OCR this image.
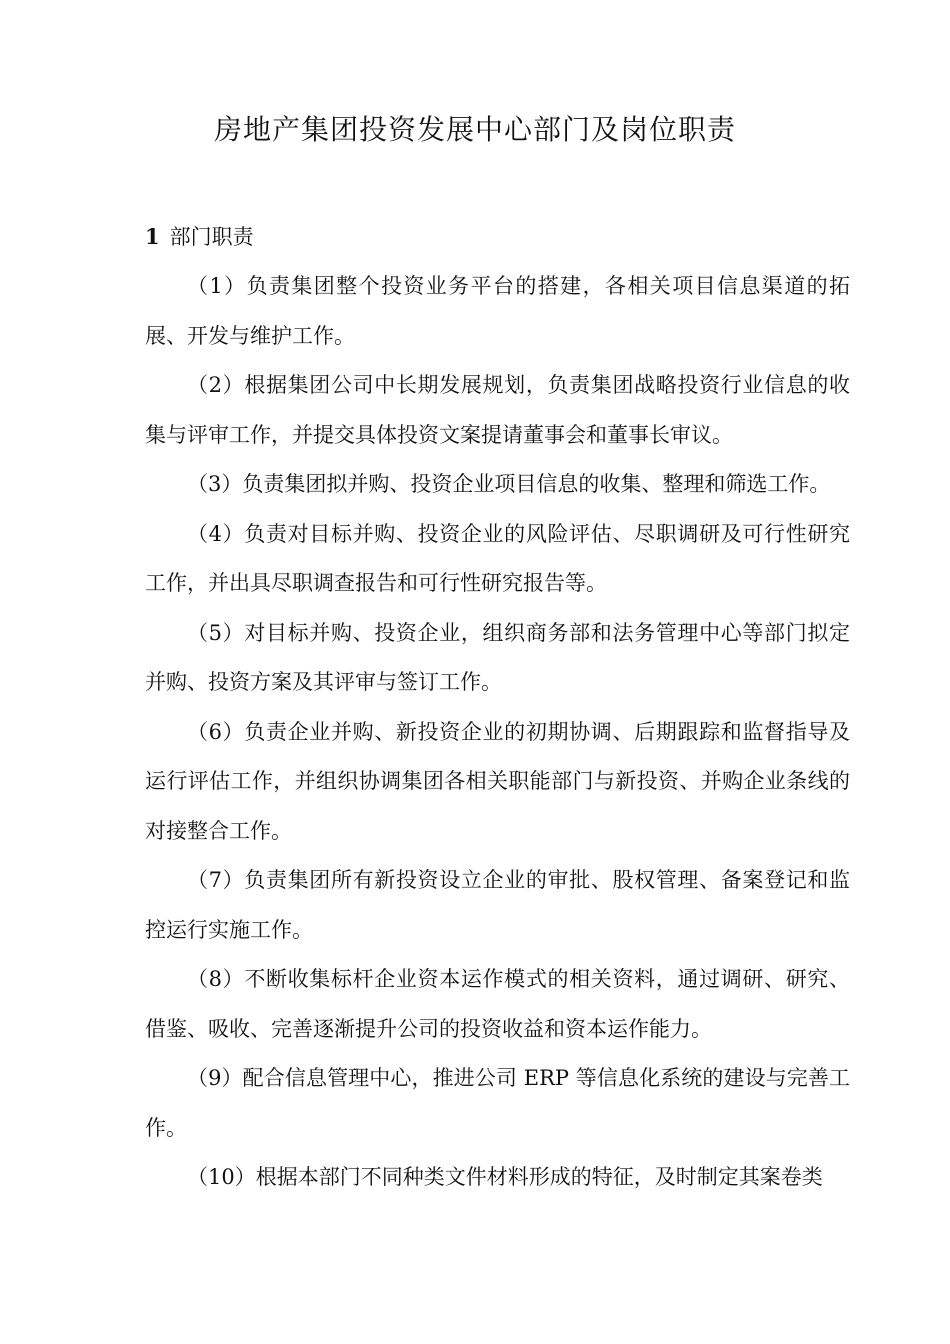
房地产集团投资发展中心部门及岗位职责
1 部门职责

（1）负责集团整个投资业务平台的搭建，各相关项目信息渠道的拓展、开发与维护工作。

（2）根据集团公司中长期发展规划，负责集团战略投资行业信息的收集与评审工作，并提交具体投资文案提请董事会和董事长审议。

（3）负责集团拟并购、投资企业项目信息的收集、整理和筛选工作。

（4）负责对目标并购、投资企业的风险评估、尽职调研及可行性研究工作，并出具尽职调查报告和可行性研究报告等。

（5）对目标并购、投资企业，组织商务部和法务管理中心等部门拟定并购、投资方案及其评审与签订工作。

（6）负责企业并购、新投资企业的初期协调、后期跟踪和监督指导及运行评估工作，并组织协调集团各相关职能部门与新投资、并购企业条线的对接整合工作。

（7）负责集团所有新投资设立企业的审批、股权管理、备案登记和监控运行实施工作。

（8）不断收集标杆企业资本运作模式的相关资料，通过调研、研究、借鉴、吸收、完善逐渐提升公司的投资收益和资本运作能力。

（9）配合信息管理中心，推进公司 ERP 等信息化系统的建设与完善工作。

（10）根据本部门不同种类文件材料形成的特征，及时制定其案卷类
